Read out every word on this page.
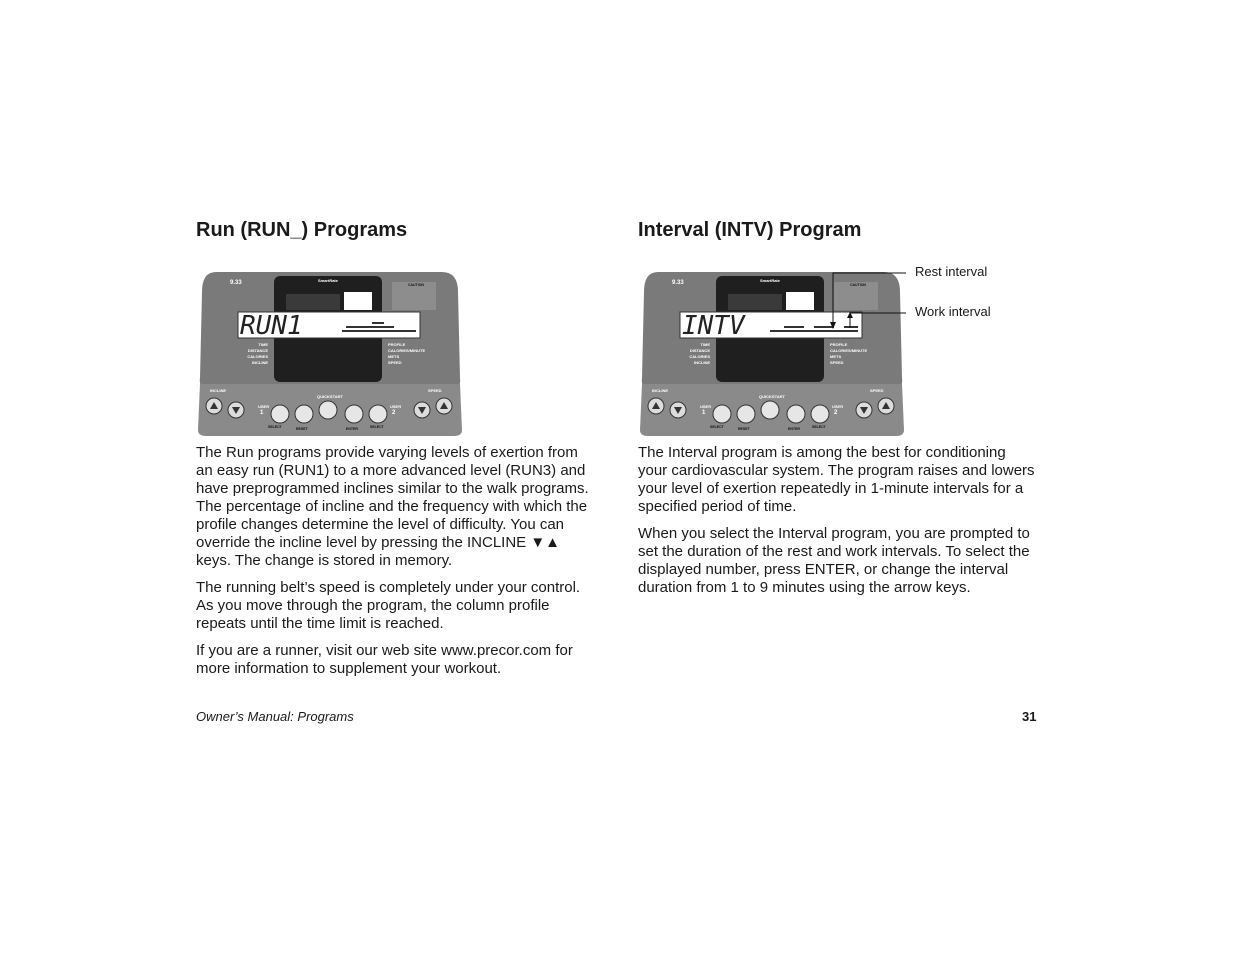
Run (RUN_) Programs
RUN1
SmartRate
CAUTION
9.33
TIME
DISTANCE
CALORIES
INCLINE
PROFILE
CALORIES/MINUTE
METS
SPEED
INCLINE	SPEED
QUICKSTART
USER
1
USER
2
SELECT	RESET	ENTER	SELECT

The Run programs provide varying levels of exertion from an easy run (RUN1) to a more advanced level (RUN3) and have preprogrammed inclines similar to the walk programs. The percentage of incline and the frequency with which the profile changes determine the level of difficulty. You can override the incline level by pressing the INCLINE ▼▲ keys. The change is stored in memory.

The running belt’s speed is completely under your control. As you move through the program, the column profile repeats until the time limit is reached.

If you are a runner, visit our web site www.precor.com for more information to supplement your workout.

Interval (INTV) Program
INTV
SmartRate
CAUTION
9.33
TIME
DISTANCE
CALORIES
INCLINE
PROFILE
CALORIES/MINUTE
METS
SPEED
INCLINE	SPEED
QUICKSTART
USER
1
USER
2
SELECT	RESET	ENTER	SELECT
Rest interval
Work interval

The Interval program is among the best for conditioning your cardiovascular system. The program raises and lowers your level of exertion repeatedly in 1-minute intervals for a specified period of time.

When you select the Interval program, you are prompted to set the duration of the rest and work intervals. To select the displayed number, press ENTER, or change the interval duration from 1 to 9 minutes using the arrow keys.

Owner’s Manual: Programs	31
